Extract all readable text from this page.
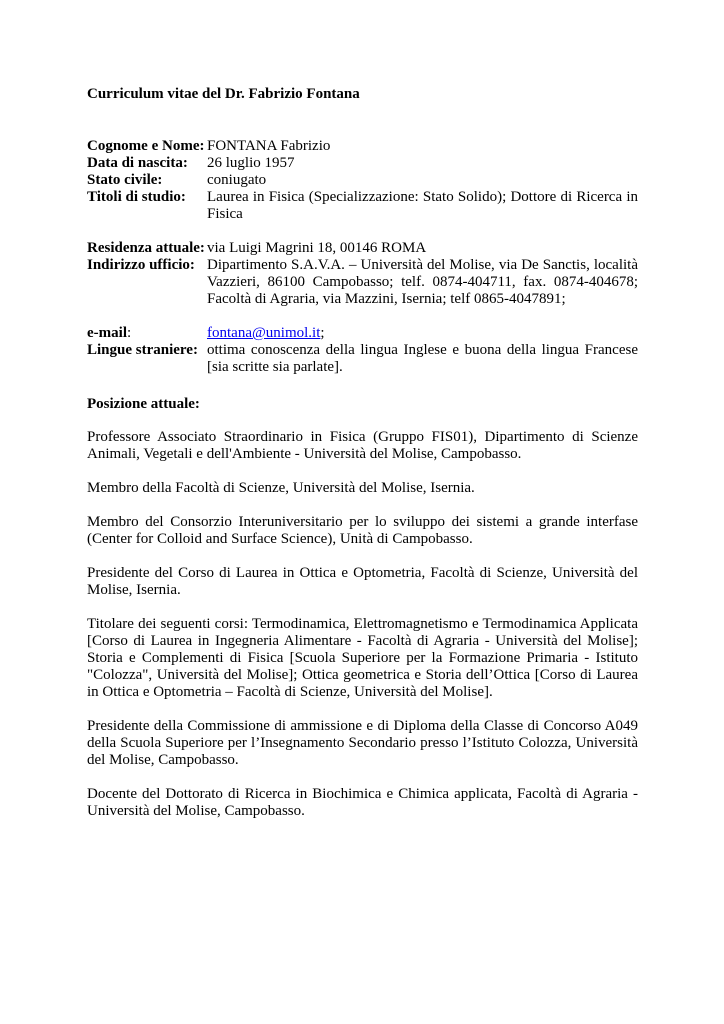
Curriculum vitae del Dr. Fabrizio Fontana
Cognome e Nome: FONTANA Fabrizio
Data di nascita: 26 luglio 1957
Stato civile:	coniugato
Titoli di studio: Laurea in Fisica (Specializzazione: Stato Solido); Dottore di Ricerca in Fisica
Residenza attuale: via Luigi Magrini 18, 00146 ROMA
Indirizzo ufficio: Dipartimento S.A.V.A. – Università del Molise, via De Sanctis, località Vazzieri, 86100 Campobasso; telf. 0874-404711, fax. 0874-404678; Facoltà di Agraria, via Mazzini, Isernia; telf 0865-4047891;
e-mail:	fontana@unimol.it;
Lingue straniere: ottima conoscenza della lingua Inglese e buona della lingua Francese [sia scritte sia parlate].
Posizione attuale:
Professore Associato Straordinario in Fisica (Gruppo FIS01), Dipartimento di Scienze Animali, Vegetali e dell'Ambiente - Università del Molise, Campobasso.
Membro della Facoltà di Scienze, Università del Molise, Isernia.
Membro del Consorzio Interuniversitario per lo sviluppo dei sistemi a grande interfase (Center for Colloid and Surface Science), Unità di Campobasso.
Presidente del Corso di Laurea in Ottica e Optometria, Facoltà di Scienze, Università del Molise, Isernia.
Titolare dei seguenti corsi: Termodinamica, Elettromagnetismo e Termodinamica Applicata [Corso di Laurea in Ingegneria Alimentare - Facoltà di Agraria - Università del Molise]; Storia e Complementi di Fisica [Scuola Superiore per la Formazione Primaria - Istituto "Colozza", Università del Molise]; Ottica geometrica e Storia dell’Ottica [Corso di Laurea in Ottica e Optometria – Facoltà di Scienze, Università del Molise].
Presidente della Commissione di ammissione e di Diploma della Classe di Concorso A049 della Scuola Superiore per l’Insegnamento Secondario presso l’Istituto Colozza, Università del Molise, Campobasso.
Docente del Dottorato di Ricerca in Biochimica e Chimica applicata, Facoltà di Agraria - Università del Molise, Campobasso.
